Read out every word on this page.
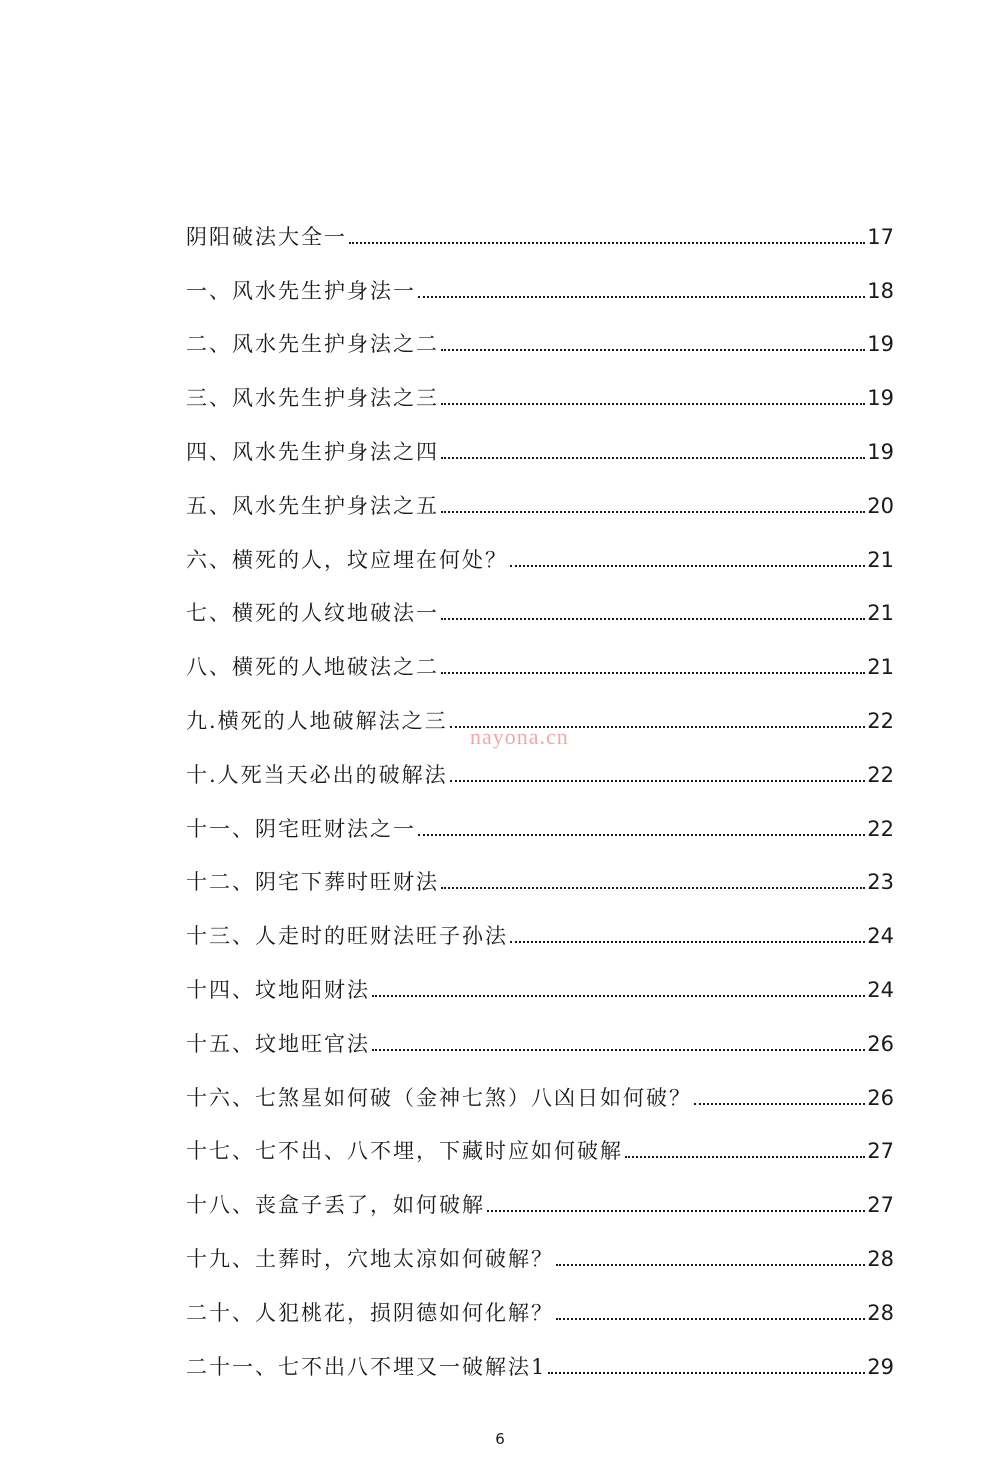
阴阳破法大全一	17
一、风水先生护身法一	18
二、风水先生护身法之二	19
三、风水先生护身法之三	19
四、风水先生护身法之四	19
五、风水先生护身法之五	20
六、横死的人，坟应埋在何处？	21
七、横死的人纹地破法一	21
八、横死的人地破法之二	21
九.横死的人地破解法之三	22
十.人死当天必出的破解法	22
十一、阴宅旺财法之一	22
十二、阴宅下葬时旺财法	23
十三、人走时的旺财法旺子孙法	24
十四、坟地阳财法	24
十五、坟地旺官法	26
十六、七煞星如何破（金神七煞）八凶日如何破？	26
十七、七不出、八不埋，下藏时应如何破解	27
十八、丧盒子丢了，如何破解	27
十九、土葬时，穴地太凉如何破解？	28
二十、人犯桃花，损阴德如何化解？	28
二十一、七不出八不埋又一破解法1	29
nayona.cn
6
